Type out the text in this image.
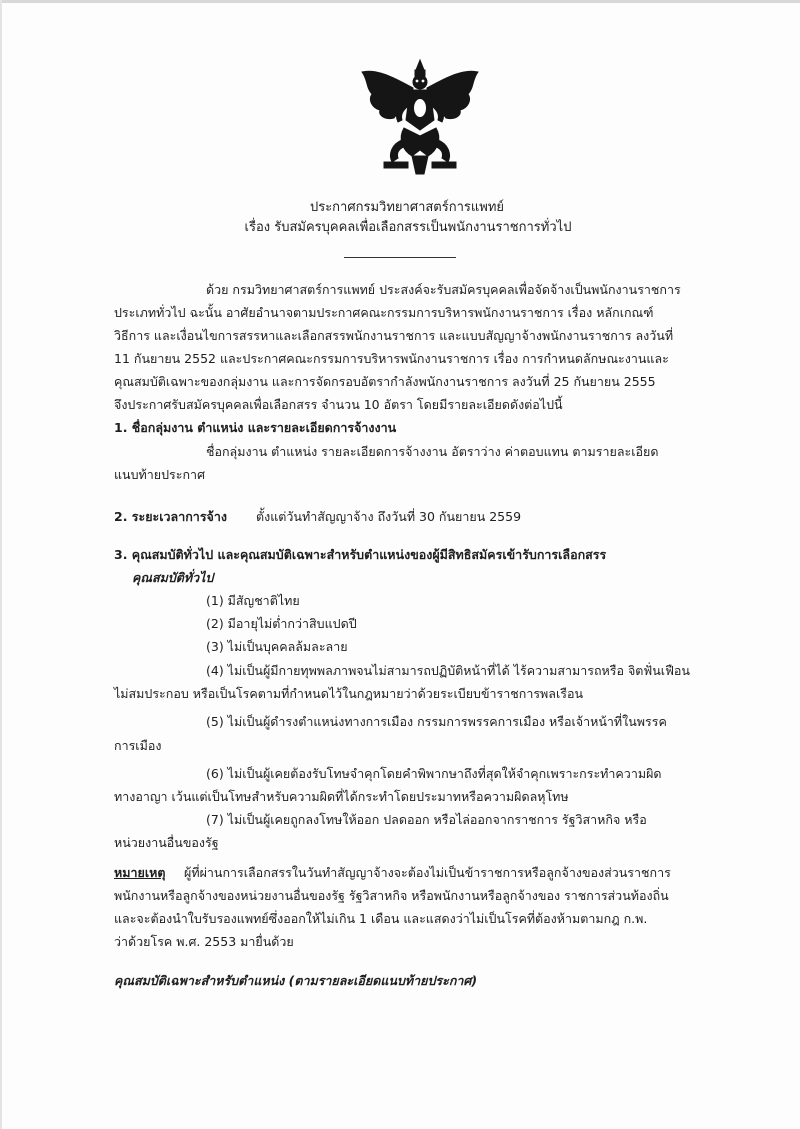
ประกาศกรมวิทยาศาสตร์การแพทย์
เรื่อง รับสมัครบุคคลเพื่อเลือกสรรเป็นพนักงานราชการทั่วไป
ด้วย กรมวิทยาศาสตร์การแพทย์ ประสงค์จะรับสมัครบุคคลเพื่อจัดจ้างเป็นพนักงานราชการ
ประเภททั่วไป ฉะนั้น อาศัยอำนาจตามประกาศคณะกรรมการบริหารพนักงานราชการ เรื่อง หลักเกณฑ์
วิธีการ และเงื่อนไขการสรรหาและเลือกสรรพนักงานราชการ และแบบสัญญาจ้างพนักงานราชการ ลงวันที่
11 กันยายน 2552 และประกาศคณะกรรมการบริหารพนักงานราชการ เรื่อง การกำหนดลักษณะงานและ
คุณสมบัติเฉพาะของกลุ่มงาน และการจัดกรอบอัตรากำลังพนักงานราชการ ลงวันที่ 25 กันยายน 2555
จึงประกาศรับสมัครบุคคลเพื่อเลือกสรร จำนวน 10 อัตรา โดยมีรายละเอียดดังต่อไปนี้
1. ชื่อกลุ่มงาน ตำแหน่ง และรายละเอียดการจ้างงาน
ชื่อกลุ่มงาน ตำแหน่ง รายละเอียดการจ้างงาน อัตราว่าง ค่าตอบแทน ตามรายละเอียด
แนบท้ายประกาศ
2. ระยะเวลาการจ้าง ตั้งแต่วันทำสัญญาจ้าง ถึงวันที่ 30 กันยายน 2559
3. คุณสมบัติทั่วไป และคุณสมบัติเฉพาะสำหรับตำแหน่งของผู้มีสิทธิสมัครเข้ารับการเลือกสรร
คุณสมบัติทั่วไป
(1) มีสัญชาติไทย
(2) มีอายุไม่ต่ำกว่าสิบแปดปี
(3) ไม่เป็นบุคคลล้มละลาย
(4) ไม่เป็นผู้มีกายทุพพลภาพจนไม่สามารถปฏิบัติหน้าที่ได้ ไร้ความสามารถหรือ จิตฟั่นเฟือน
ไม่สมประกอบ หรือเป็นโรคตามที่กำหนดไว้ในกฎหมายว่าด้วยระเบียบข้าราชการพลเรือน
(5) ไม่เป็นผู้ดำรงตำแหน่งทางการเมือง กรรมการพรรคการเมือง หรือเจ้าหน้าที่ในพรรค
การเมือง
(6) ไม่เป็นผู้เคยต้องรับโทษจำคุกโดยคำพิพากษาถึงที่สุดให้จำคุกเพราะกระทำความผิด
ทางอาญา เว้นแต่เป็นโทษสำหรับความผิดที่ได้กระทำโดยประมาทหรือความผิดลหุโทษ
(7) ไม่เป็นผู้เคยถูกลงโทษให้ออก ปลดออก หรือไล่ออกจากราชการ รัฐวิสาหกิจ หรือ
หน่วยงานอื่นของรัฐ
หมายเหตุ ผู้ที่ผ่านการเลือกสรรในวันทำสัญญาจ้างจะต้องไม่เป็นข้าราชการหรือลูกจ้างของส่วนราชการ
พนักงานหรือลูกจ้างของหน่วยงานอื่นของรัฐ รัฐวิสาหกิจ หรือพนักงานหรือลูกจ้างของ ราชการส่วนท้องถิ่น
และจะต้องนำใบรับรองแพทย์ซึ่งออกให้ไม่เกิน 1 เดือน และแสดงว่าไม่เป็นโรคที่ต้องห้ามตามกฎ ก.พ.
ว่าด้วยโรค พ.ศ. 2553 มายื่นด้วย
คุณสมบัติเฉพาะสำหรับตำแหน่ง (ตามรายละเอียดแนบท้ายประกาศ)
